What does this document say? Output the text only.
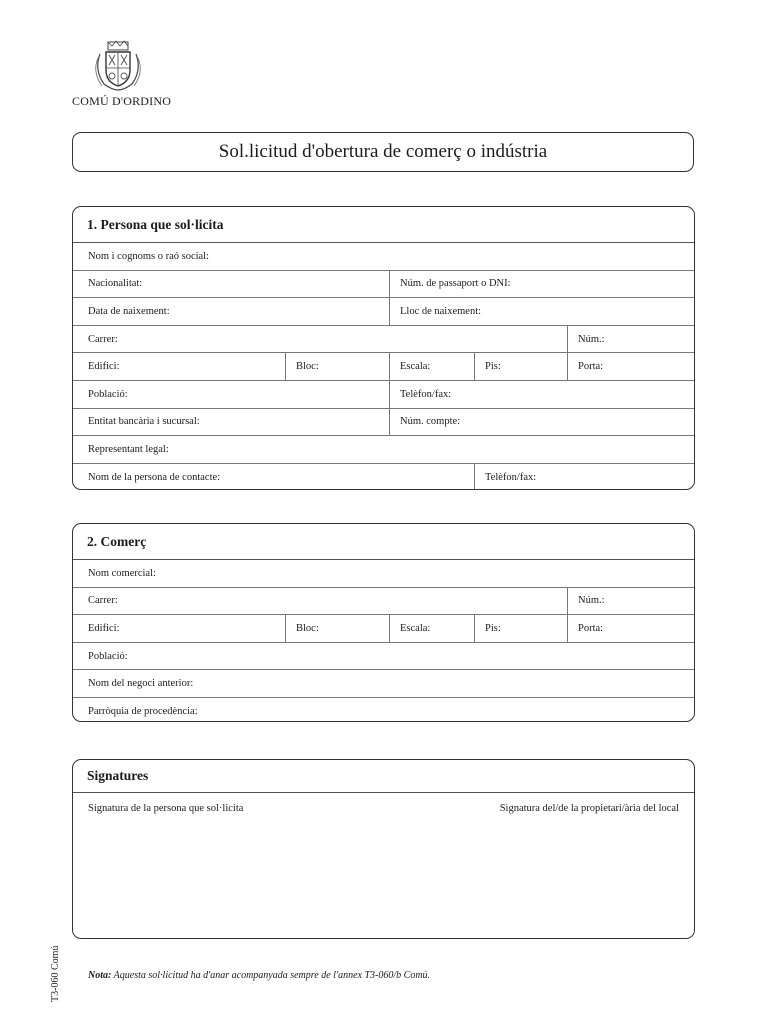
COMÚ D'ORDINO
Sol.licitud d'obertura de comerç o indústria
1. Persona que sol·licita
Nom i cognoms o raó social:
Nacionalitat:	Núm. de passaport o DNI:
Data de naixement:	Lloc de naixement:
Carrer:	Núm.:
Edifici:	Bloc:	Escala:	Pis:	Porta:
Població:	Telèfon/fax:
Entitat bancària i sucursal:	Núm. compte:
Representant legal:
Nom de la persona de contacte:	Telèfon/fax:
2. Comerç
Nom comercial:
Carrer:	Núm.:
Edifici:	Bloc:	Escala:	Pis:	Porta:
Població:
Nom del negoci anterior:
Parròquia de procedència:
Signatures
Signatura de la persona que sol·licita	Signatura del/de la propietari/ària del local
T3-060 Comú	Nota: Aquesta sol·licitud ha d'anar acompanyada sempre de l'annex T3-060/b Comú.
